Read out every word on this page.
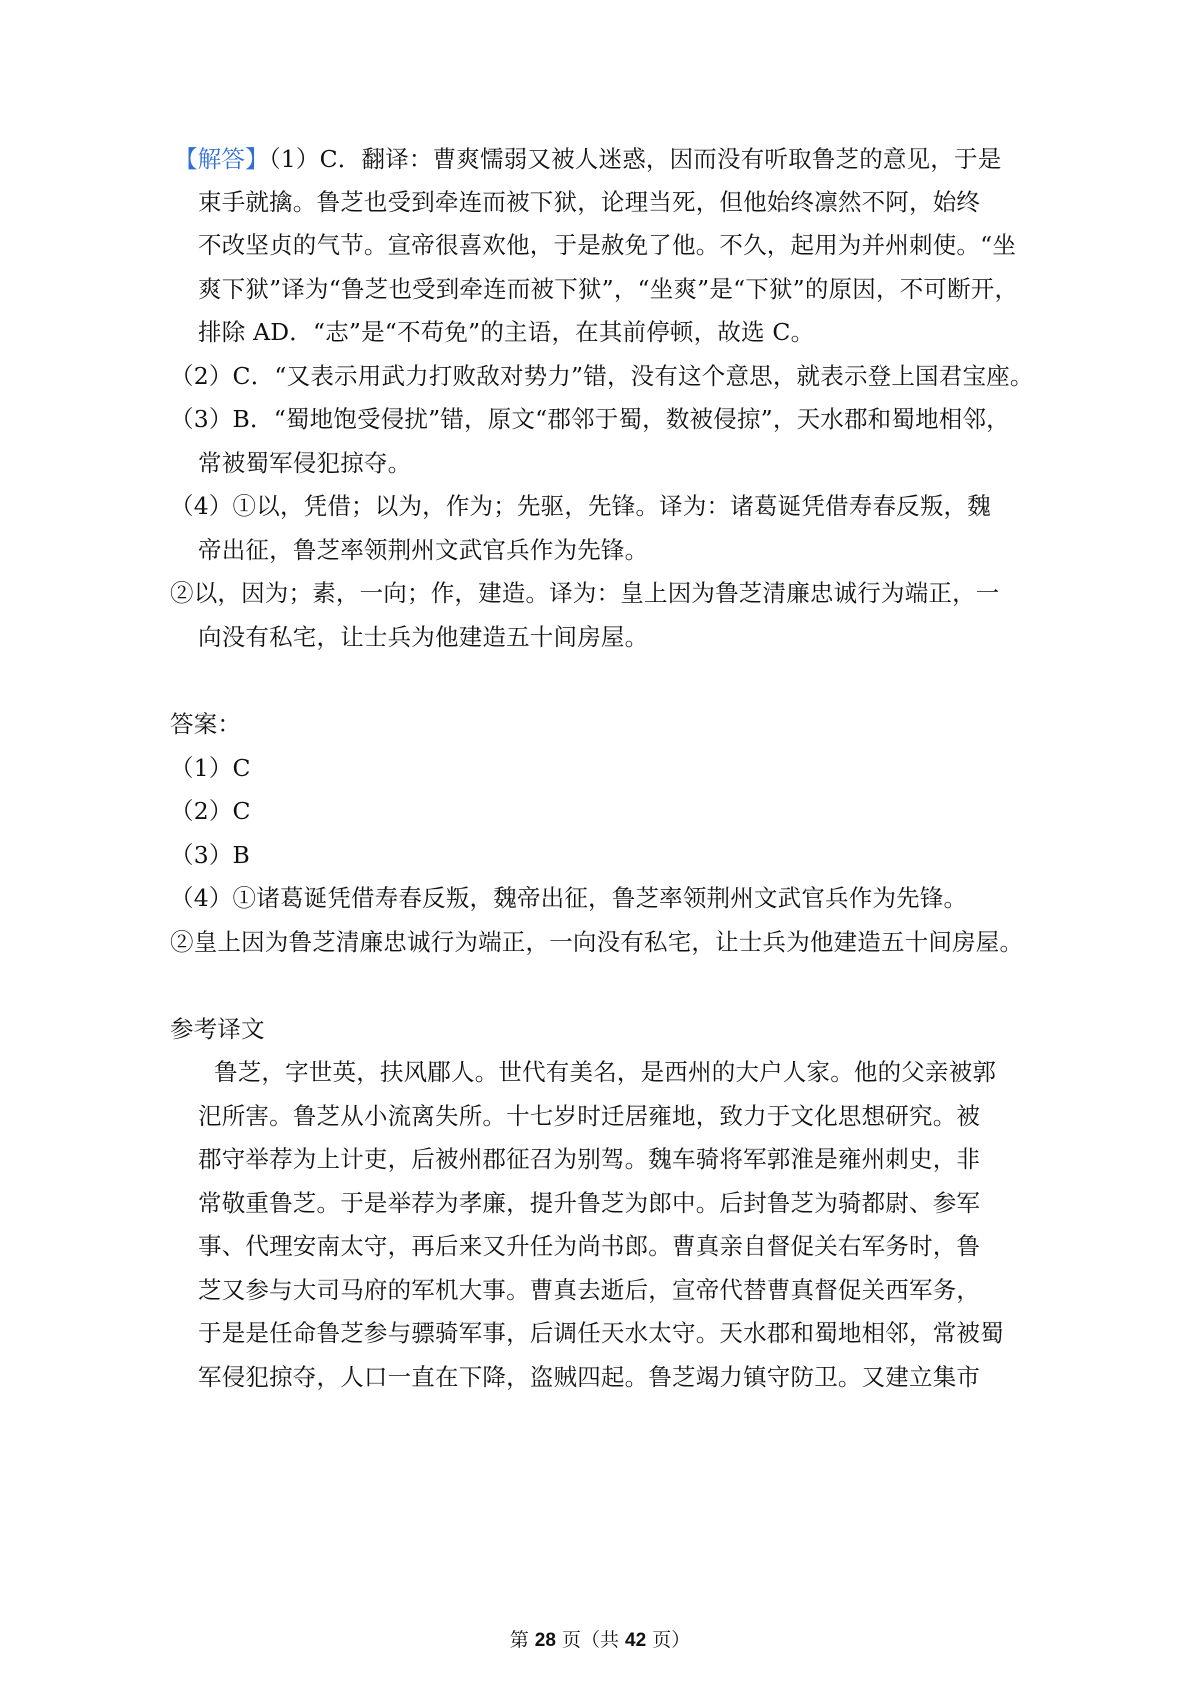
【解答】（1）C．翻译：曹爽懦弱又被人迷惑，因而没有听取鲁芝的意见，于是
束手就擒。鲁芝也受到牵连而被下狱，论理当死，但他始终凛然不阿，始终
不改坚贞的气节。宣帝很喜欢他，于是赦免了他。不久，起用为并州刺使。“坐
爽下狱”译为“鲁芝也受到牵连而被下狱”，“坐爽”是“下狱”的原因，不可断开，
排除 AD．“志”是“不苟免”的主语，在其前停顿，故选 C。
（2）C．“又表示用武力打败敌对势力”错，没有这个意思，就表示登上国君宝座。
（3）B．“蜀地饱受侵扰”错，原文“郡邻于蜀，数被侵掠”，天水郡和蜀地相邻，
常被蜀军侵犯掠夺。
（4）①以，凭借；以为，作为；先驱，先锋。译为：诸葛诞凭借寿春反叛，魏
帝出征，鲁芝率领荆州文武官兵作为先锋。
②以，因为；素，一向；作，建造。译为：皇上因为鲁芝清廉忠诚行为端正，一
向没有私宅，让士兵为他建造五十间房屋。
答案：
（1）C
（2）C
（3）B
（4）①诸葛诞凭借寿春反叛，魏帝出征，鲁芝率领荆州文武官兵作为先锋。
②皇上因为鲁芝清廉忠诚行为端正，一向没有私宅，让士兵为他建造五十间房屋。
参考译文
鲁芝，字世英，扶风郿人。世代有美名，是西州的大户人家。他的父亲被郭
汜所害。鲁芝从小流离失所。十七岁时迁居雍地，致力于文化思想研究。被
郡守举荐为上计吏，后被州郡征召为别驾。魏车骑将军郭淮是雍州刺史，非
常敬重鲁芝。于是举荐为孝廉，提升鲁芝为郎中。后封鲁芝为骑都尉、参军
事、代理安南太守，再后来又升任为尚书郎。曹真亲自督促关右军务时，鲁
芝又参与大司马府的军机大事。曹真去逝后，宣帝代替曹真督促关西军务，
于是是任命鲁芝参与骠骑军事，后调任天水太守。天水郡和蜀地相邻，常被蜀
军侵犯掠夺，人口一直在下降，盗贼四起。鲁芝竭力镇守防卫。又建立集市
第 28 页（共 42 页）
